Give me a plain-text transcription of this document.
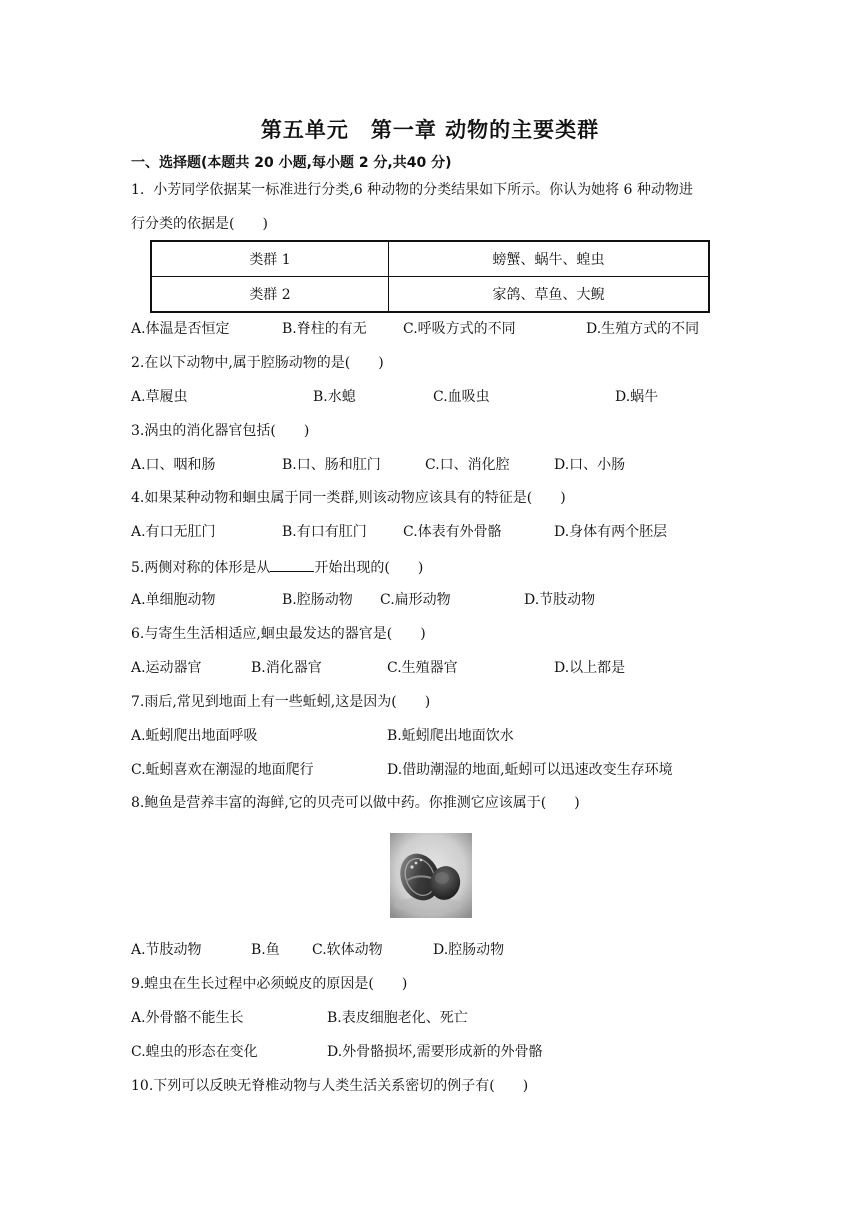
第五单元　第一章 动物的主要类群
一、选择题(本题共 20 小题,每小题 2 分,共40 分)
1.  小芳同学依据某一标准进行分类,6 种动物的分类结果如下所示。你认为她将 6 种动物进
行分类的依据是(　　)
类群 1	螃蟹、蜗牛、蝗虫
类群 2	家鸽、草鱼、大鲵
A.体温是否恒定	B.脊柱的有无	C.呼吸方式的不同	D.生殖方式的不同
2.在以下动物中,属于腔肠动物的是(　　)
A.草履虫	B.水螅	C.血吸虫	D.蜗牛
3.涡虫的消化器官包括(　　)
A.口、咽和肠	B.口、肠和肛门	C.口、消化腔	D.口、小肠
4.如果某种动物和蛔虫属于同一类群,则该动物应该具有的特征是(　　)
A.有口无肛门	B.有口有肛门	C.体表有外骨骼	D.身体有两个胚层
5.两侧对称的体形是从	开始出现的(　　)
A.单细胞动物	B.腔肠动物 C.扁形动物	D.节肢动物
6.与寄生生活相适应,蛔虫最发达的器官是(　　)
A.运动器官	B.消化器官	C.生殖器官	D.以上都是
7.雨后,常见到地面上有一些蚯蚓,这是因为(　　)
A.蚯蚓爬出地面呼吸	B.蚯蚓爬出地面饮水
C.蚯蚓喜欢在潮湿的地面爬行	D.借助潮湿的地面,蚯蚓可以迅速改变生存环境
8.鲍鱼是营养丰富的海鲜,它的贝壳可以做中药。你推测它应该属于(　　)
A.节肢动物	B.鱼 C.软体动物	D.腔肠动物
9.蝗虫在生长过程中必须蜕皮的原因是(　　)
A.外骨骼不能生长	B.表皮细胞老化、死亡
C.蝗虫的形态在变化	D.外骨骼损坏,需要形成新的外骨骼
10.下列可以反映无脊椎动物与人类生活关系密切的例子有(　　)
